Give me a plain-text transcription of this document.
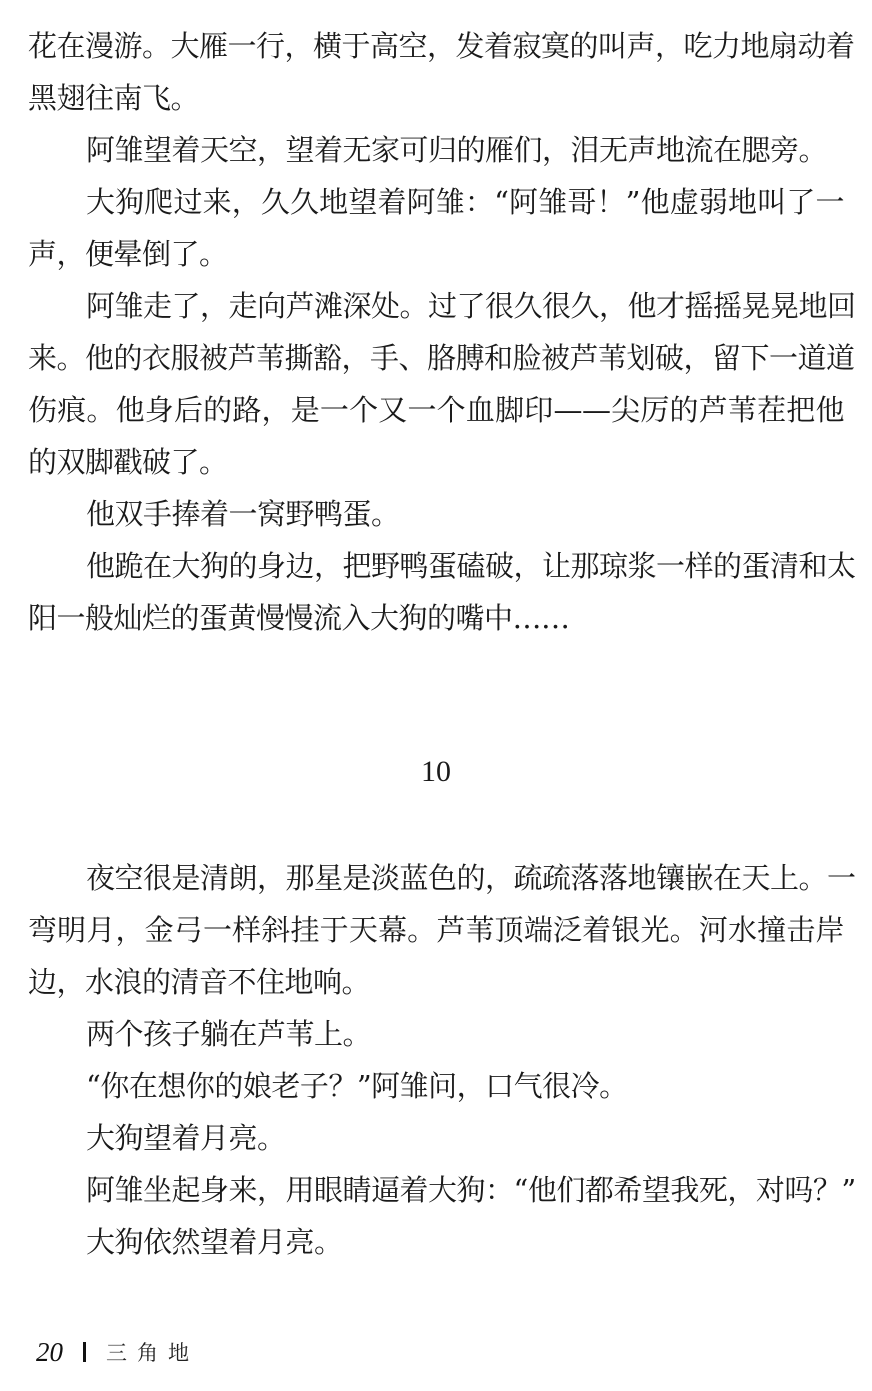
花在漫游。大雁一行，横于高空，发着寂寞的叫声，吃力地扇动着
黑翅往南飞。
阿雏望着天空，望着无家可归的雁们，泪无声地流在腮旁。
大狗爬过来，久久地望着阿雏：“阿雏哥！”他虚弱地叫了一
声，便晕倒了。
阿雏走了，走向芦滩深处。过了很久很久，他才摇摇晃晃地回
来。他的衣服被芦苇撕豁，手、胳膊和脸被芦苇划破，留下一道道
伤痕。他身后的路，是一个又一个血脚印——尖厉的芦苇茬把他
的双脚戳破了。
他双手捧着一窝野鸭蛋。
他跪在大狗的身边，把野鸭蛋磕破，让那琼浆一样的蛋清和太
阳一般灿烂的蛋黄慢慢流入大狗的嘴中……
10
夜空很是清朗，那星是淡蓝色的，疏疏落落地镶嵌在天上。一
弯明月，金弓一样斜挂于天幕。芦苇顶端泛着银光。河水撞击岸
边，水浪的清音不住地响。
两个孩子躺在芦苇上。
“你在想你的娘老子？”阿雏问，口气很冷。
大狗望着月亮。
阿雏坐起身来，用眼睛逼着大狗：“他们都希望我死，对吗？”
大狗依然望着月亮。
20 三角地
